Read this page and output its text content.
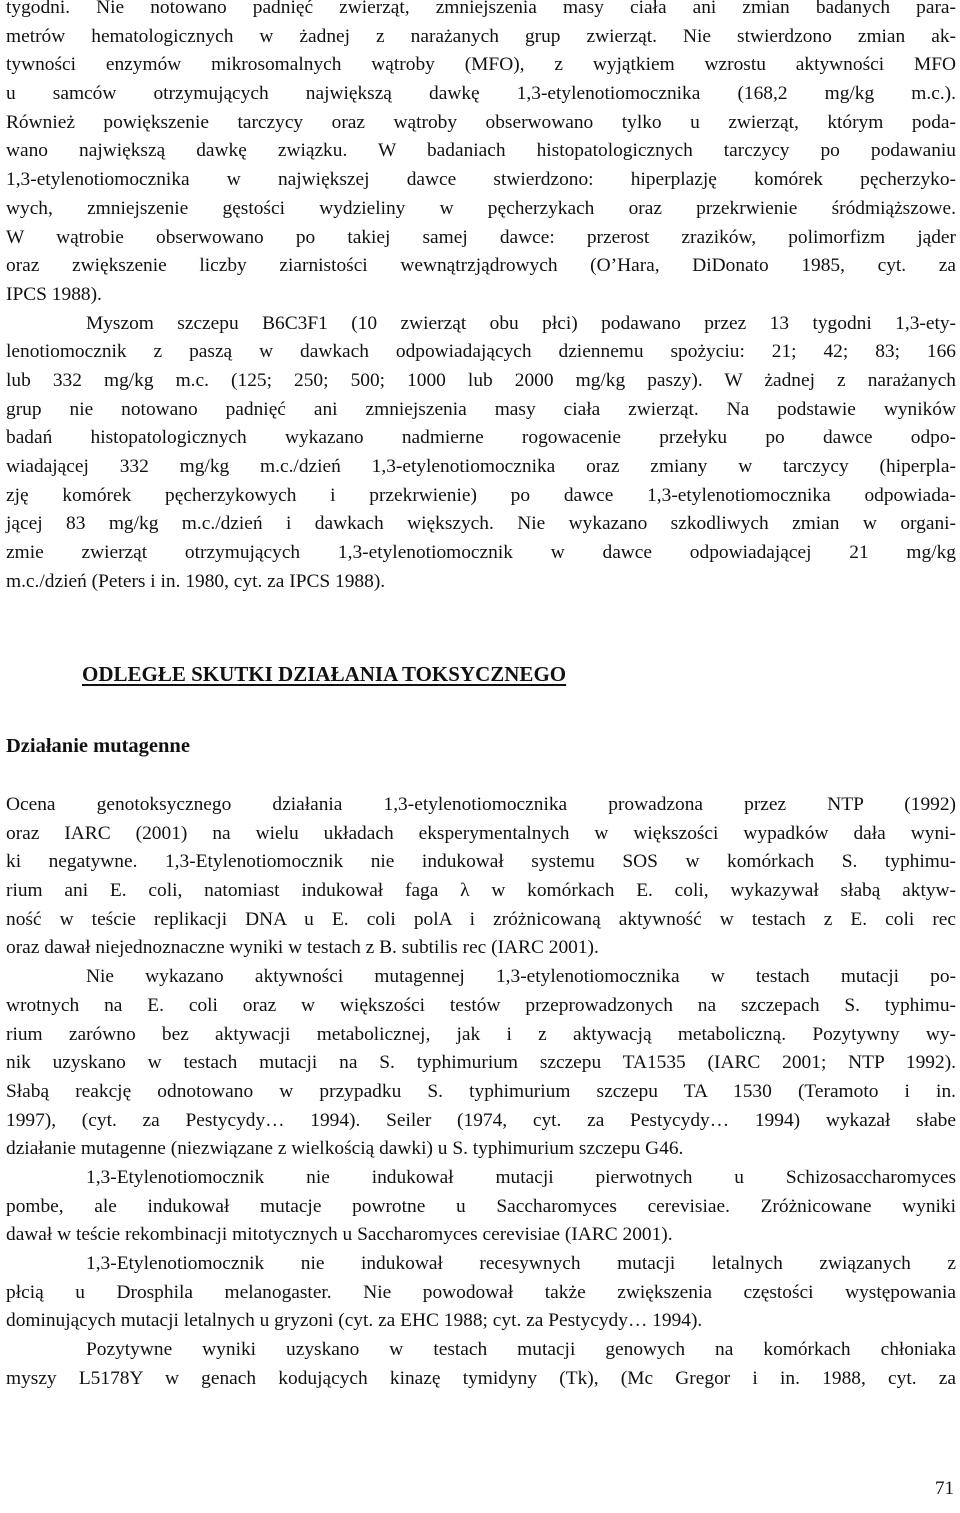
tygodni. Nie notowano padnięć zwierząt, zmniejszenia masy ciała ani zmian badanych para-
metrów hematologicznych w żadnej z narażanych grup zwierząt. Nie stwierdzono zmian ak-
tywności enzymów mikrosomalnych wątroby (MFO), z wyjątkiem wzrostu aktywności MFO
u samców otrzymujących największą dawkę 1,3-etylenotiomocznika (168,2 mg/kg m.c.).
Również powiększenie tarczycy oraz wątroby obserwowano tylko u zwierząt, którym poda-
wano największą dawkę związku. W badaniach histopatologicznych tarczycy po podawaniu
1,3-etylenotiomocznika w największej dawce stwierdzono: hiperplazję komórek pęcherzyko-
wych, zmniejszenie gęstości wydzieliny w pęcherzykach oraz przekrwienie śródmiąższowe.
W wątrobie obserwowano po takiej samej dawce: przerost zrazików, polimorfizm jąder
oraz zwiększenie liczby ziarnistości wewnątrzjądrowych (O’Hara, DiDonato 1985, cyt. za
IPCS 1988).
Myszom szczepu B6C3F1 (10 zwierząt obu płci) podawano przez 13 tygodni 1,3-ety-
lenotiomocznik z paszą w dawkach odpowiadających dziennemu spożyciu: 21; 42; 83; 166
lub 332 mg/kg m.c. (125; 250; 500; 1000 lub 2000 mg/kg paszy). W żadnej z narażanych
grup nie notowano padnięć ani zmniejszenia masy ciała zwierząt. Na podstawie wyników
badań histopatologicznych wykazano nadmierne rogowacenie przełyku po dawce odpo-
wiadającej 332 mg/kg m.c./dzień 1,3-etylenotiomocznika oraz zmiany w tarczycy (hiperpla-
zję komórek pęcherzykowych i przekrwienie) po dawce 1,3-etylenotiomocznika odpowiada-
jącej 83 mg/kg m.c./dzień i dawkach większych. Nie wykazano szkodliwych zmian w organi-
zmie zwierząt otrzymujących 1,3-etylenotiomocznik w dawce odpowiadającej 21 mg/kg
m.c./dzień (Peters i in. 1980, cyt. za IPCS 1988).
ODLEGŁE SKUTKI DZIAŁANIA TOKSYCZNEGO
Działanie mutagenne
Ocena genotoksycznego działania 1,3-etylenotiomocznika prowadzona przez NTP (1992)
oraz IARC (2001) na wielu układach eksperymentalnych w większości wypadków dała wyni-
ki negatywne. 1,3-Etylenotiomocznik nie indukował systemu SOS w komórkach S. typhimu-
rium ani E. coli, natomiast indukował faga λ w komórkach E. coli, wykazywał słabą aktyw-
ność w teście replikacji DNA u E. coli polA i zróżnicowaną aktywność w testach z E. coli rec
oraz dawał niejednoznaczne wyniki w testach z B. subtilis rec (IARC 2001).
Nie wykazano aktywności mutagennej 1,3-etylenotiomocznika w testach mutacji po-
wrotnych na E. coli oraz w większości testów przeprowadzonych na szczepach S. typhimu-
rium zarówno bez aktywacji metabolicznej, jak i z aktywacją metaboliczną. Pozytywny wy-
nik uzyskano w testach mutacji na S. typhimurium szczepu TA1535 (IARC 2001; NTP 1992).
Słabą reakcję odnotowano w przypadku S. typhimurium szczepu TA 1530 (Teramoto i in.
1997), (cyt. za Pestycydy… 1994). Seiler (1974, cyt. za Pestycydy… 1994) wykazał słabe
działanie mutagenne (niezwiązane z wielkością dawki) u S. typhimurium szczepu G46.
1,3-Etylenotiomocznik nie indukował mutacji pierwotnych u Schizosaccharomyces
pombe, ale indukował mutacje powrotne u Saccharomyces cerevisiae. Zróżnicowane wyniki
dawał w teście rekombinacji mitotycznych u Saccharomyces cerevisiae (IARC 2001).
1,3-Etylenotiomocznik nie indukował recesywnych mutacji letalnych związanych z
płcią u Drosphila melanogaster. Nie powodował także zwiększenia częstości występowania
dominujących mutacji letalnych u gryzoni (cyt. za EHC 1988; cyt. za Pestycydy… 1994).
Pozytywne wyniki uzyskano w testach mutacji genowych na komórkach chłoniaka
myszy L5178Y w genach kodujących kinazę tymidyny (Tk), (Mc Gregor i in. 1988, cyt. za
71
